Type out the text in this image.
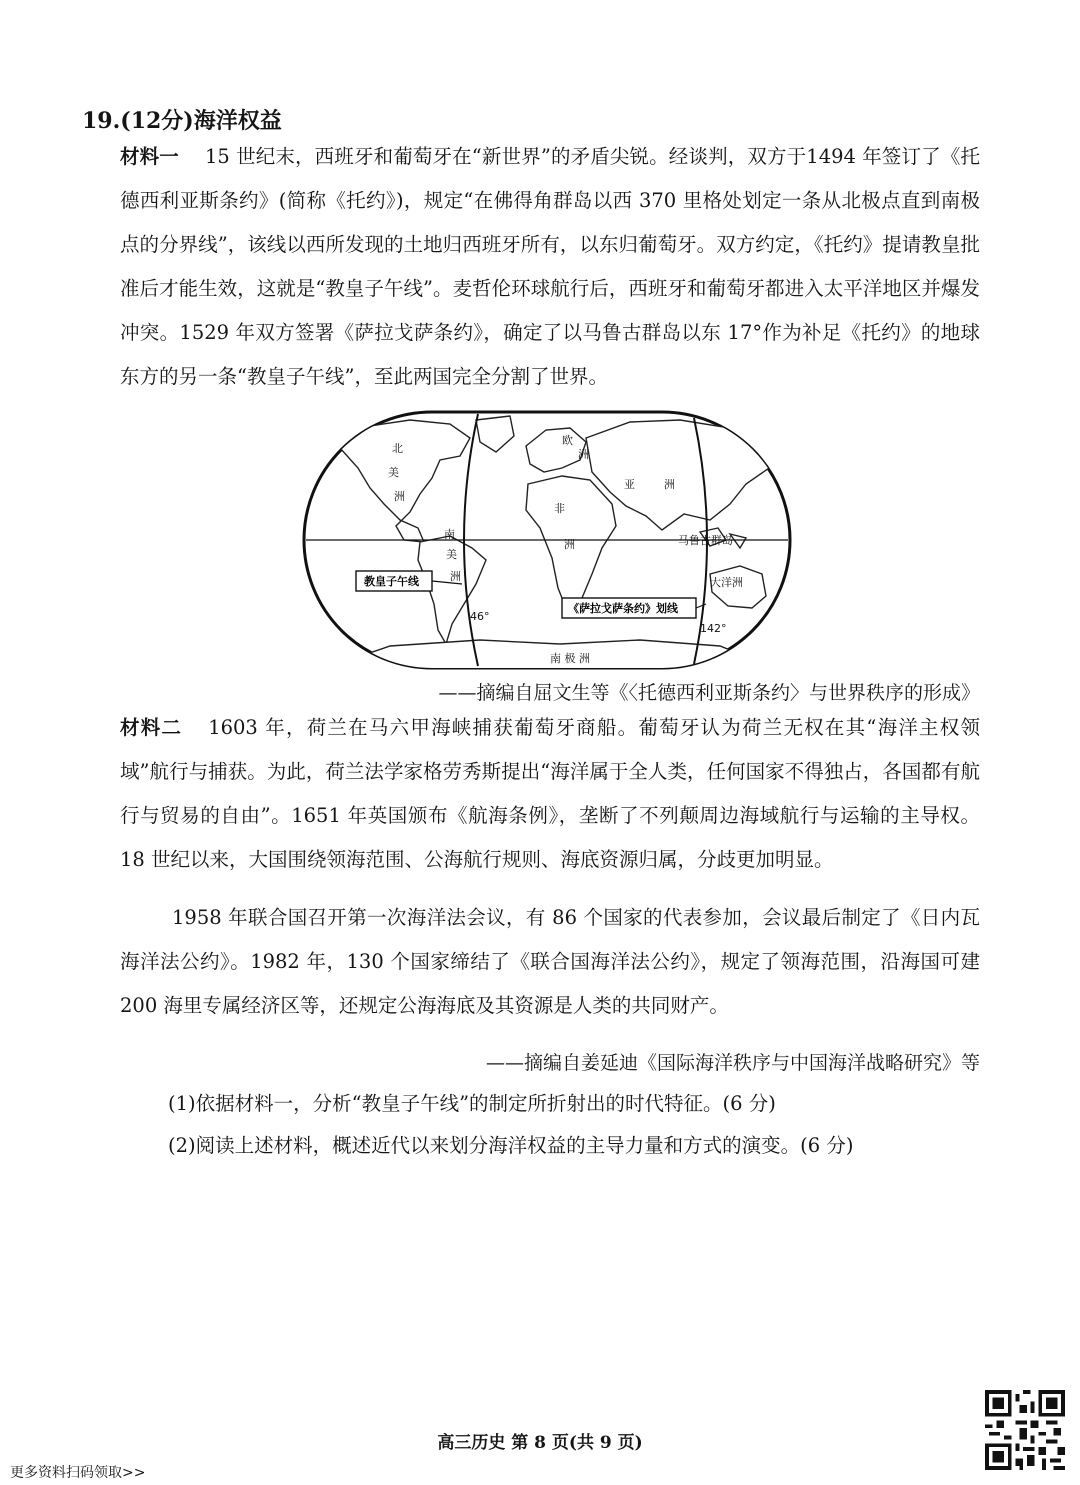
19.(12分)海洋权益
材料一 15 世纪末，西班牙和葡萄牙在“新世界”的矛盾尖锐。经谈判，双方于1494 年签订了《托德西利亚斯条约》(简称《托约》)，规定“在佛得角群岛以西 370 里格处划定一条从北极点直到南极点的分界线”，该线以西所发现的土地归西班牙所有，以东归葡萄牙。双方约定，《托约》提请教皇批准后才能生效，这就是“教皇子午线”。麦哲伦环球航行后，西班牙和葡萄牙都进入太平洋地区并爆发冲突。1529 年双方签署《萨拉戈萨条约》，确定了以马鲁古群岛以东 17°作为补足《托约》的地球东方的另一条“教皇子午线”，至此两国完全分割了世界。
北
美
洲
欧
洲
亚	洲
非
洲
南
美
洲	大洋洲
南 极 洲
马鲁古群岛
46°
142°
教皇子午线
《萨拉戈萨条约》划线
——摘编自屈文生等《〈托德西利亚斯条约〉与世界秩序的形成》
材料二 1603 年，荷兰在马六甲海峡捕获葡萄牙商船。葡萄牙认为荷兰无权在其“海洋主权领域”航行与捕获。为此，荷兰法学家格劳秀斯提出“海洋属于全人类，任何国家不得独占，各国都有航行与贸易的自由”。1651 年英国颁布《航海条例》，垄断了不列颠周边海域航行与运输的主导权。18 世纪以来，大国围绕领海范围、公海航行规则、海底资源归属，分歧更加明显。
1958 年联合国召开第一次海洋法会议，有 86 个国家的代表参加，会议最后制定了《日内瓦海洋法公约》。1982 年，130 个国家缔结了《联合国海洋法公约》，规定了领海范围，沿海国可建 200 海里专属经济区等，还规定公海海底及其资源是人类的共同财产。
——摘编自姜延迪《国际海洋秩序与中国海洋战略研究》等
(1)依据材料一，分析“教皇子午线”的制定所折射出的时代特征。(6 分)
(2)阅读上述材料，概述近代以来划分海洋权益的主导力量和方式的演变。(6 分)
高三历史 第 8 页(共 9 页)
更多资料扫码领取>>
